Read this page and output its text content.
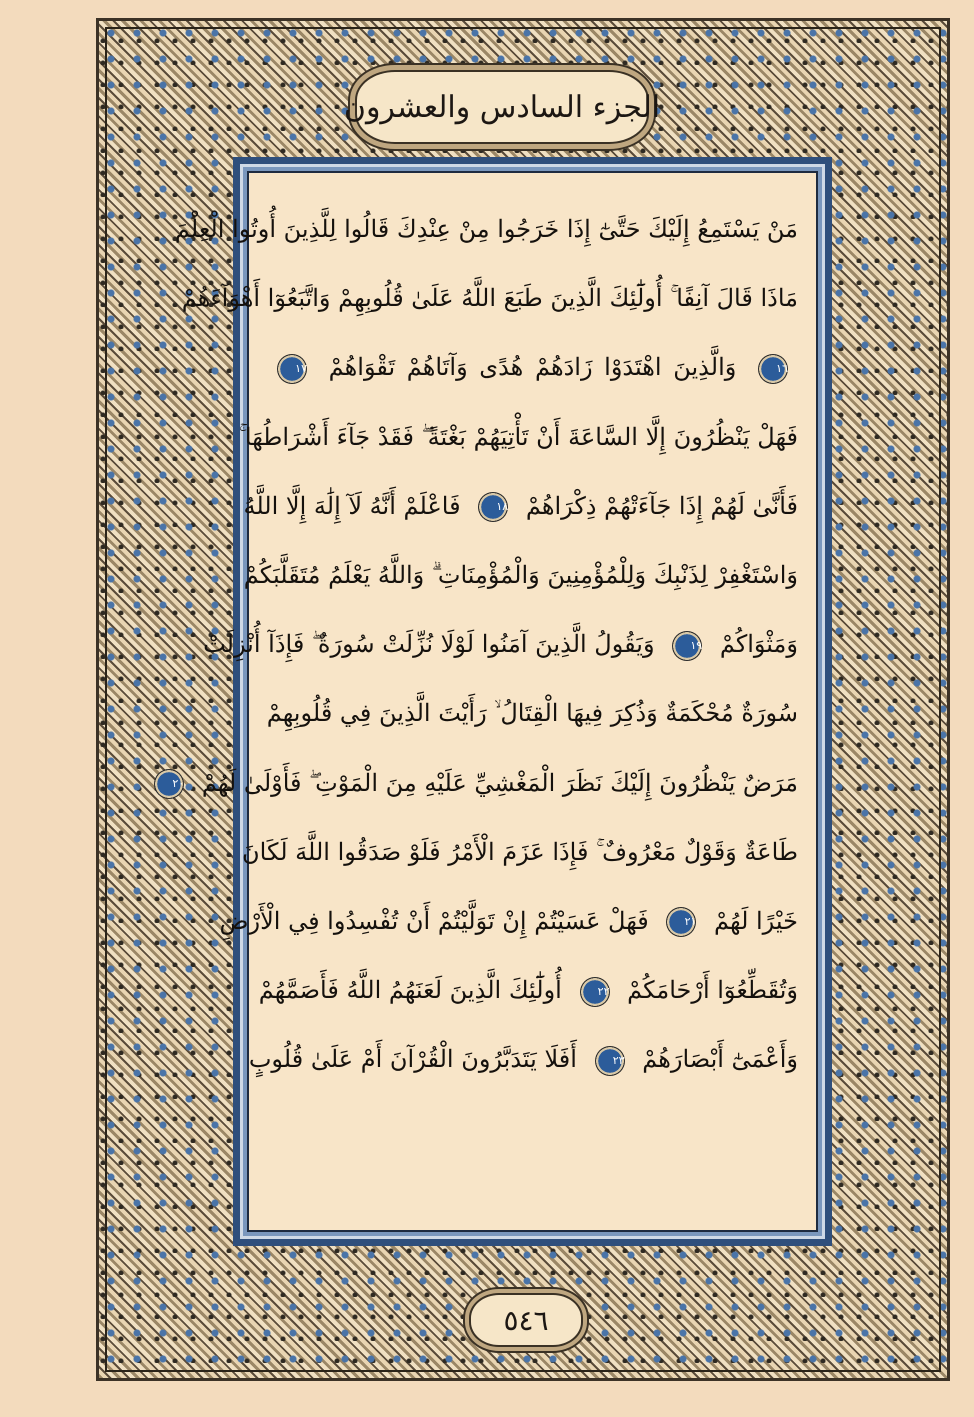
الجزء السادس والعشرون
مَنْ يَسْتَمِعُ إِلَيْكَ حَتَّىٰٓ إِذَا خَرَجُوا مِنْ عِنْدِكَ قَالُوا لِلَّذِينَ أُوتُوا الْعِلْمَ
مَاذَا قَالَ آنِفًا ۚ أُولَٰٓئِكَ الَّذِينَ طَبَعَ اللَّهُ عَلَىٰ قُلُوبِهِمْ وَاتَّبَعُوٓا أَهْوَآءَهُمْ
١٦ وَالَّذِينَ اهْتَدَوْا زَادَهُمْ هُدًى وَآتَاهُمْ تَقْوَاهُمْ ١٧
فَهَلْ يَنْظُرُونَ إِلَّا السَّاعَةَ أَنْ تَأْتِيَهُمْ بَغْتَةً ۖ فَقَدْ جَآءَ أَشْرَاطُهَا ۚ
فَأَنَّىٰ لَهُمْ إِذَا جَآءَتْهُمْ ذِكْرَاهُمْ ١٨ فَاعْلَمْ أَنَّهُ لَآ إِلَٰهَ إِلَّا اللَّهُ
وَاسْتَغْفِرْ لِذَنْبِكَ وَلِلْمُؤْمِنِينَ وَالْمُؤْمِنَاتِ ۗ وَاللَّهُ يَعْلَمُ مُتَقَلَّبَكُمْ
وَمَثْوَاكُمْ ١٩ وَيَقُولُ الَّذِينَ آمَنُوا لَوْلَا نُزِّلَتْ سُورَةٌ ۖ فَإِذَآ أُنْزِلَتْ
سُورَةٌ مُحْكَمَةٌ وَذُكِرَ فِيهَا الْقِتَالُ ۙ رَأَيْتَ الَّذِينَ فِي قُلُوبِهِمْ
مَرَضٌ يَنْظُرُونَ إِلَيْكَ نَظَرَ الْمَغْشِيِّ عَلَيْهِ مِنَ الْمَوْتِ ۖ فَأَوْلَىٰ لَهُمْ ٢٠
طَاعَةٌ وَقَوْلٌ مَعْرُوفٌ ۚ فَإِذَا عَزَمَ الْأَمْرُ فَلَوْ صَدَقُوا اللَّهَ لَكَانَ
خَيْرًا لَهُمْ ٢١ فَهَلْ عَسَيْتُمْ إِنْ تَوَلَّيْتُمْ أَنْ تُفْسِدُوا فِي الْأَرْضِ
وَتُقَطِّعُوٓا أَرْحَامَكُمْ ٢٢ أُولَٰٓئِكَ الَّذِينَ لَعَنَهُمُ اللَّهُ فَأَصَمَّهُمْ
وَأَعْمَىٰٓ أَبْصَارَهُمْ ٢٣ أَفَلَا يَتَدَبَّرُونَ الْقُرْآنَ أَمْ عَلَىٰ قُلُوبٍ
٥٤٦
